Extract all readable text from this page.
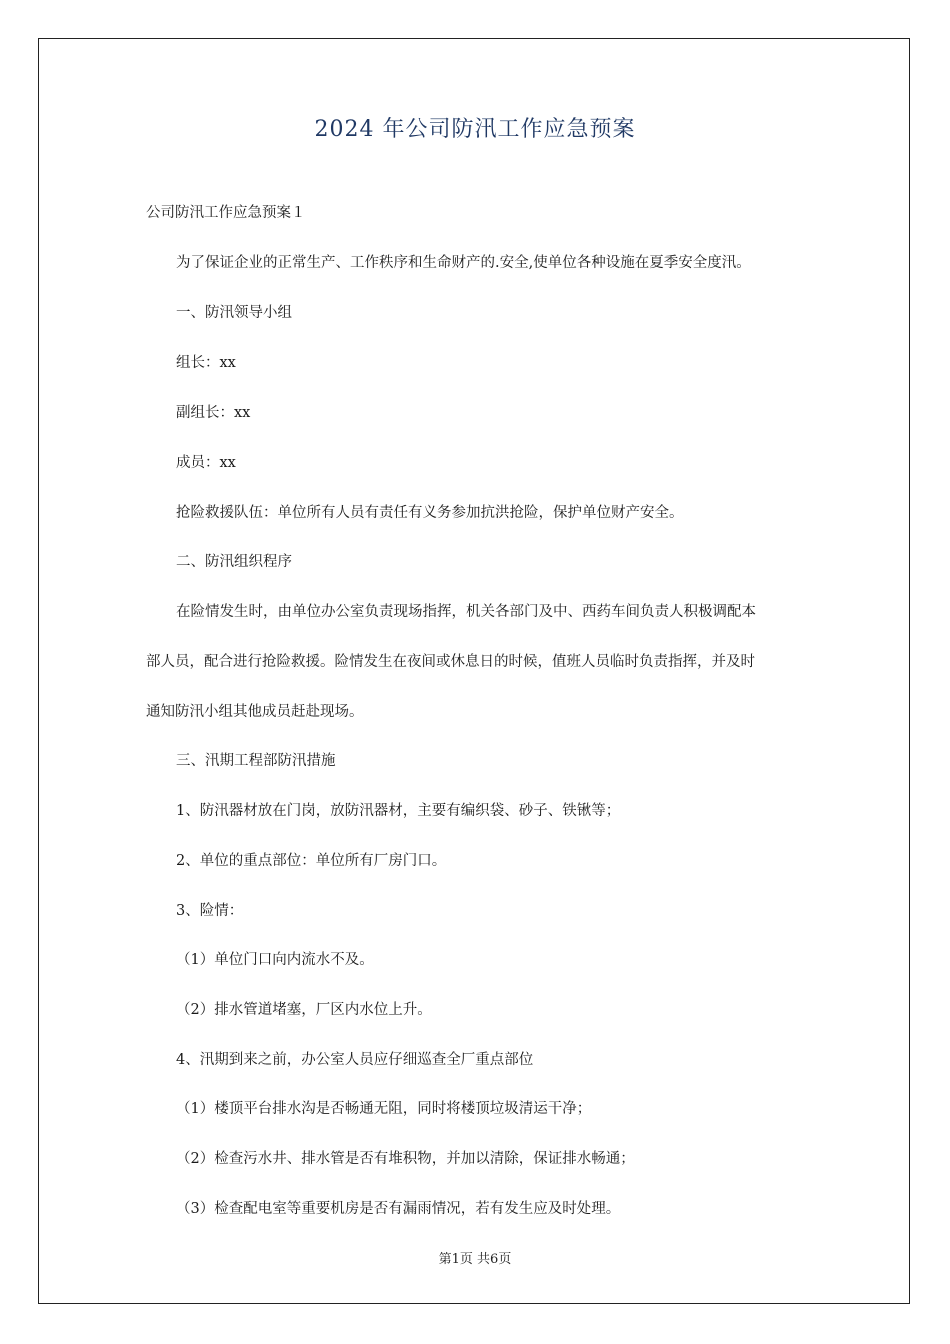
2024 年公司防汛工作应急预案

公司防汛工作应急预案１

为了保证企业的正常生产、工作秩序和生命财产的.安全,使单位各种设施在夏季安全度汛。

一、防汛领导小组

组长：xx

副组长：xx

成员：xx

抢险救援队伍：单位所有人员有责任有义务参加抗洪抢险，保护单位财产安全。

二、防汛组织程序

在险情发生时，由单位办公室负责现场指挥，机关各部门及中、西药车间负责人积极调配本

部人员，配合进行抢险救援。险情发生在夜间或休息日的时候，值班人员临时负责指挥，并及时

通知防汛小组其他成员赶赴现场。

三、汛期工程部防汛措施

1、防汛器材放在门岗，放防汛器材，主要有编织袋、砂子、铁锹等；

2、单位的重点部位：单位所有厂房门口。

3、险情：

（1）单位门口向内流水不及。

（2）排水管道堵塞，厂区内水位上升。

4、汛期到来之前，办公室人员应仔细巡查全厂重点部位

（1）楼顶平台排水沟是否畅通无阻，同时将楼顶垃圾清运干净；

（2）检查污水井、排水管是否有堆积物，并加以清除，保证排水畅通；

（3）检查配电室等重要机房是否有漏雨情况，若有发生应及时处理。

第1页 共6页
